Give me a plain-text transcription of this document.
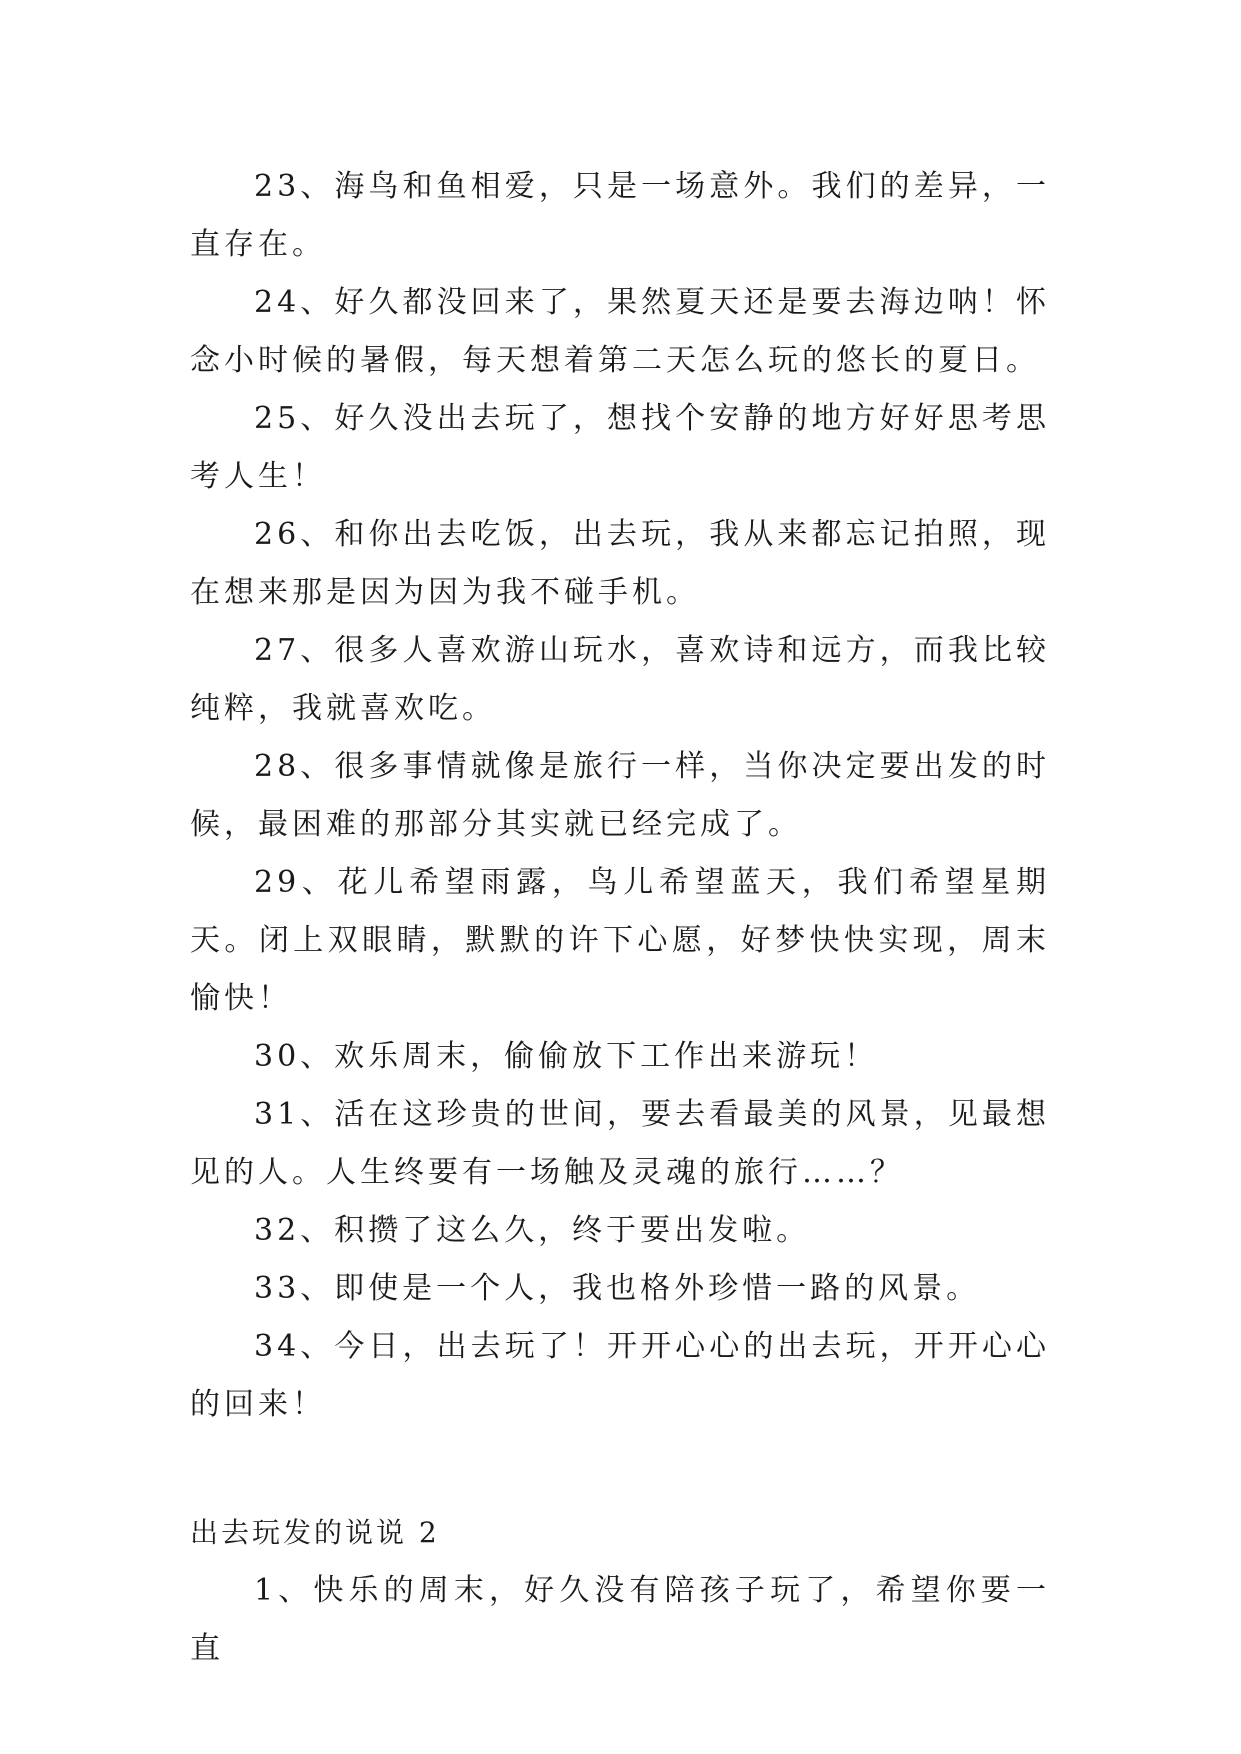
23、海鸟和鱼相爱，只是一场意外。我们的差异，一直存在。

24、好久都没回来了，果然夏天还是要去海边呐！怀念小时候的暑假，每天想着第二天怎么玩的悠长的夏日。

25、好久没出去玩了，想找个安静的地方好好思考思考人生！

26、和你出去吃饭，出去玩，我从来都忘记拍照，现在想来那是因为因为我不碰手机。

27、很多人喜欢游山玩水，喜欢诗和远方，而我比较纯粹，我就喜欢吃。

28、很多事情就像是旅行一样，当你决定要出发的时候，最困难的那部分其实就已经完成了。

29、花儿希望雨露，鸟儿希望蓝天，我们希望星期天。闭上双眼睛，默默的许下心愿，好梦快快实现，周末愉快！

30、欢乐周末，偷偷放下工作出来游玩！

31、活在这珍贵的世间，要去看最美的风景，见最想见的人。人生终要有一场触及灵魂的旅行……？

32、积攒了这么久，终于要出发啦。

33、即使是一个人，我也格外珍惜一路的风景。

34、今日，出去玩了！开开心心的出去玩，开开心心的回来！

出去玩发的说说 2

1、快乐的周末，好久没有陪孩子玩了，希望你要一直
